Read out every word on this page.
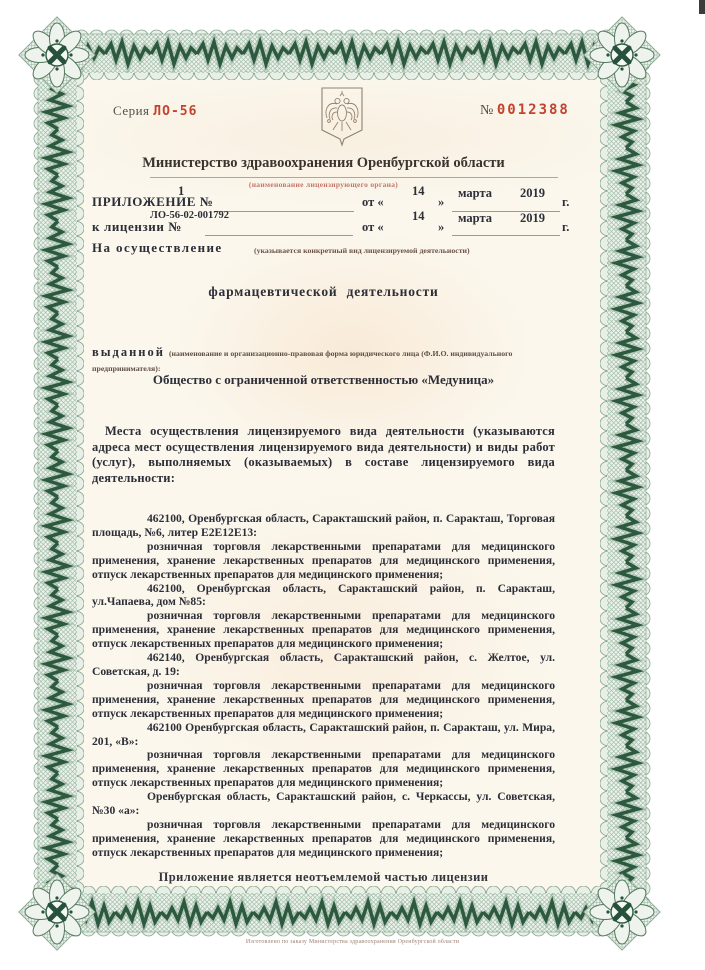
Серия ЛО-56	№ 0012388
Министерство здравоохранения Оренбургской области
(наименование лицензирующего органа)
ПРИЛОЖЕНИЕ №
1
от «
14
»
марта 2019
г.
к лицензии №
ЛО-56-02-001792
от «
14
»
марта 2019
г.
На осуществление	(указывается конкретный вид лицензируемой деятельности)
фармацевтической деятельности
выданной (наименование и организационно-правовая форма юридического лица (Ф.И.О. индивидуального предпринимателя):
Общество с ограниченной ответственностью «Медуница»

Места осуществления лицензируемого вида деятельности (указываются адреса мест осуществления лицензируемого вида деятельности) и виды работ (услуг), выполняемых (оказываемых) в составе лицензируемого вида деятельности:

462100, Оренбургская область, Саракташский район, п. Саракташ, Торговая площадь, №6, литер Е2Е12Е13:

розничная торговля лекарственными препаратами для медицинского применения, хранение лекарственных препаратов для медицинского применения, отпуск лекарственных препаратов для медицинского применения;

462100, Оренбургская область, Саракташский район, п. Саракташ, ул.Чапаева, дом №85:

розничная торговля лекарственными препаратами для медицинского применения, хранение лекарственных препаратов для медицинского применения, отпуск лекарственных препаратов для медицинского применения;

462140, Оренбургская область, Саракташский район, с. Желтое, ул. Советская, д. 19:

розничная торговля лекарственными препаратами для медицинского применения, хранение лекарственных препаратов для медицинского применения, отпуск лекарственных препаратов для медицинского применения;

462100 Оренбургская область, Саракташский район, п. Саракташ, ул. Мира, 201, «В»:

розничная торговля лекарственными препаратами для медицинского применения, хранение лекарственных препаратов для медицинского применения, отпуск лекарственных препаратов для медицинского применения;

Оренбургская область, Саракташский район, с. Черкассы, ул. Советская, №30 «а»:

розничная торговля лекарственными препаратами для медицинского применения, хранение лекарственных препаратов для медицинского применения, отпуск лекарственных препаратов для медицинского применения;

Приложение является неотъемлемой частью лицензии
Изготовлено по заказу Министерства здравоохранения Оренбургской области
